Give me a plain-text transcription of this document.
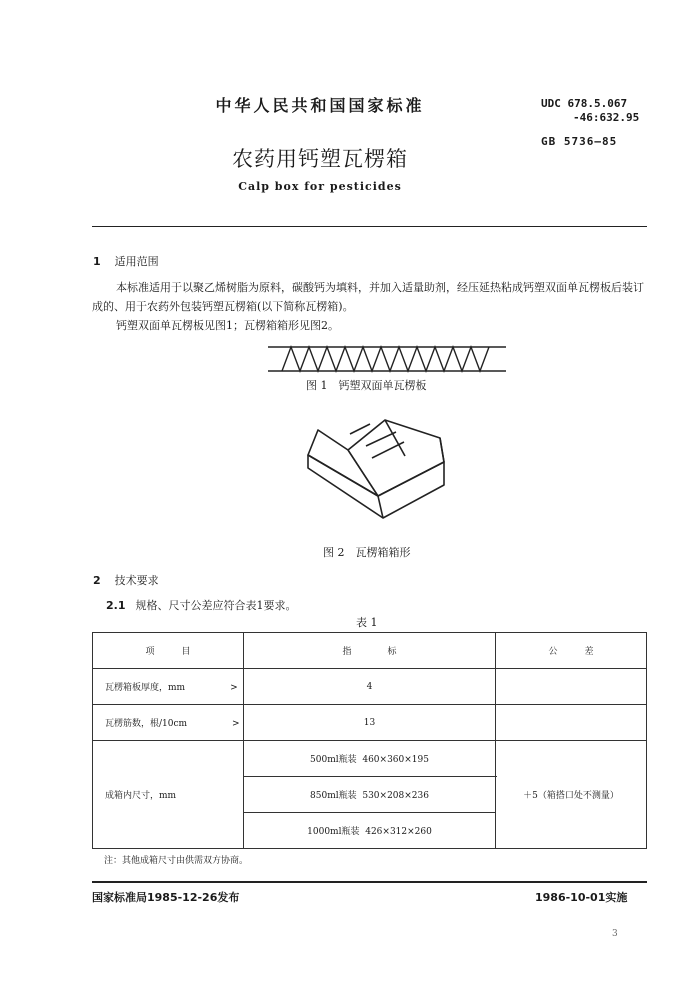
中华人民共和国国家标准	UDC 678.5.067
-46:632.95
GB 5736—85
农药用钙塑瓦楞箱
Calp box for pesticides
1 适用范围
本标准适用于以聚乙烯树脂为原料，碳酸钙为填料，并加入适量助剂，经压延热粘成钙塑双面单瓦楞板后装订成的、用于农药外包装钙塑瓦楞箱(以下简称瓦楞箱)。
钙塑双面单瓦楞板见图1；瓦楞箱箱形见图2。
图 1　钙塑双面单瓦楞板
图 2　瓦楞箱箱形
2 技术要求
2.1 规格、尺寸公差应符合表1要求。
表 1
项　　　目	指　　　　标	公　　　差
瓦楞箱板厚度，mm　　　　　>	4	
瓦楞筋数，根/10cm　　　　　>	13	
成箱内尺寸，mm	500ml瓶装 460×360×195	＋5（箱搭口处不测量）
	850ml瓶装 530×208×236	
	1000ml瓶装 426×312×260	
注：其他成箱尺寸由供需双方协商。
国家标准局1985-12-26发布	1986-10-01实施
3
